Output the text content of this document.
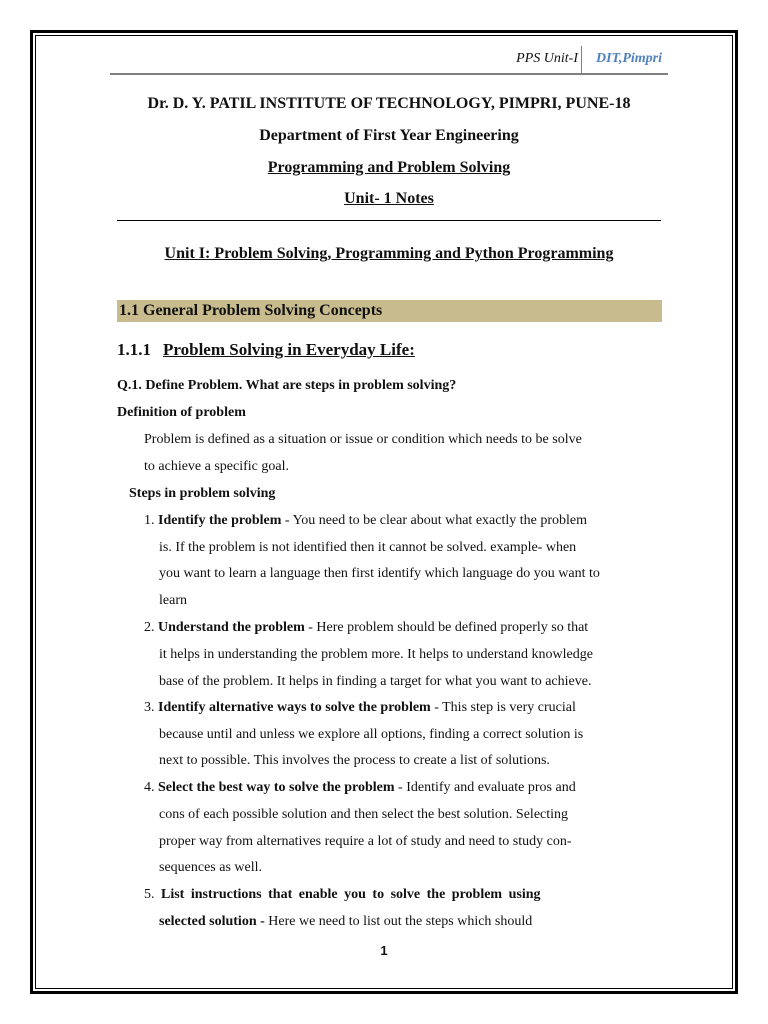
PPS Unit-I DIT,Pimpri
Dr. D. Y. PATIL INSTITUTE OF TECHNOLOGY, PIMPRI, PUNE-18
Department of First Year Engineering
Programming and Problem Solving
Unit- 1 Notes
Unit I: Problem Solving, Programming and Python Programming
1.1 General Problem Solving Concepts
1.1.1 Problem Solving in Everyday Life:
Q.1. Define Problem. What are steps in problem solving?
Definition of problem
Problem is defined as a situation or issue or condition which needs to be solve
to achieve a specific goal.
Steps in problem solving
1. Identify the problem - You need to be clear about what exactly the problem
is. If the problem is not identified then it cannot be solved. example- when
you want to learn a language then first identify which language do you want to
learn
2. Understand the problem - Here problem should be defined properly so that
it helps in understanding the problem more. It helps to understand knowledge
base of the problem. It helps in finding a target for what you want to achieve.
3. Identify alternative ways to solve the problem - This step is very crucial
because until and unless we explore all options, finding a correct solution is
next to possible. This involves the process to create a list of solutions.
4. Select the best way to solve the problem - Identify and evaluate pros and
cons of each possible solution and then select the best solution. Selecting
proper way from alternatives require a lot of study and need to study con-
sequences as well.
5. List instructions that enable you to solve the problem using
selected solution - Here we need to list out the steps which should
1
